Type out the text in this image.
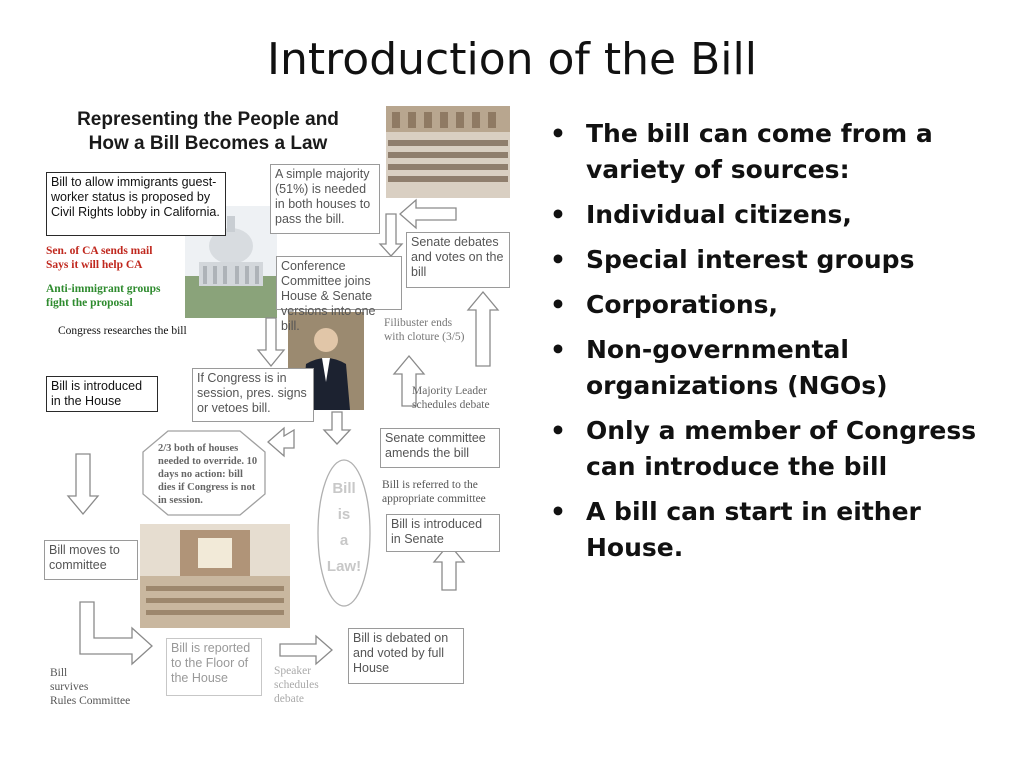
Introduction of the Bill
Representing the People and
How a Bill Becomes a Law
Bill to allow immigrants guest-worker status is proposed by Civil Rights lobby in California.
Sen. of CA sends mail
Says it will help CA
Anti-immigrant groups
fight the proposal
Congress researches the bill
A simple majority (51%) is needed in both houses to pass the bill.
Conference Committee joins House & Senate versions into one bill.
Senate debates and votes on the bill
Filibuster ends
with cloture (3/5)
Bill is introduced in the House
If Congress is in session, pres. signs or vetoes bill.
Majority Leader
schedules debate
2/3 both of houses needed to override. 10 days no action: bill dies if Congress is not in session.
Senate committee amends the bill
Bill
is
a
Law!
Bill is referred to the
appropriate committee
Bill is introduced in Senate
Bill moves to committee
Bill is reported to the Floor of the House
Bill is debated on and voted by full House
Bill
survives
Rules Committee
Speaker
schedules
debate
• The bill can come from a variety of sources:
• Individual citizens,
• Special interest groups
• Corporations,
• Non-governmental organizations (NGOs)
• Only a member of Congress can introduce the bill
• A bill can start in either House.
